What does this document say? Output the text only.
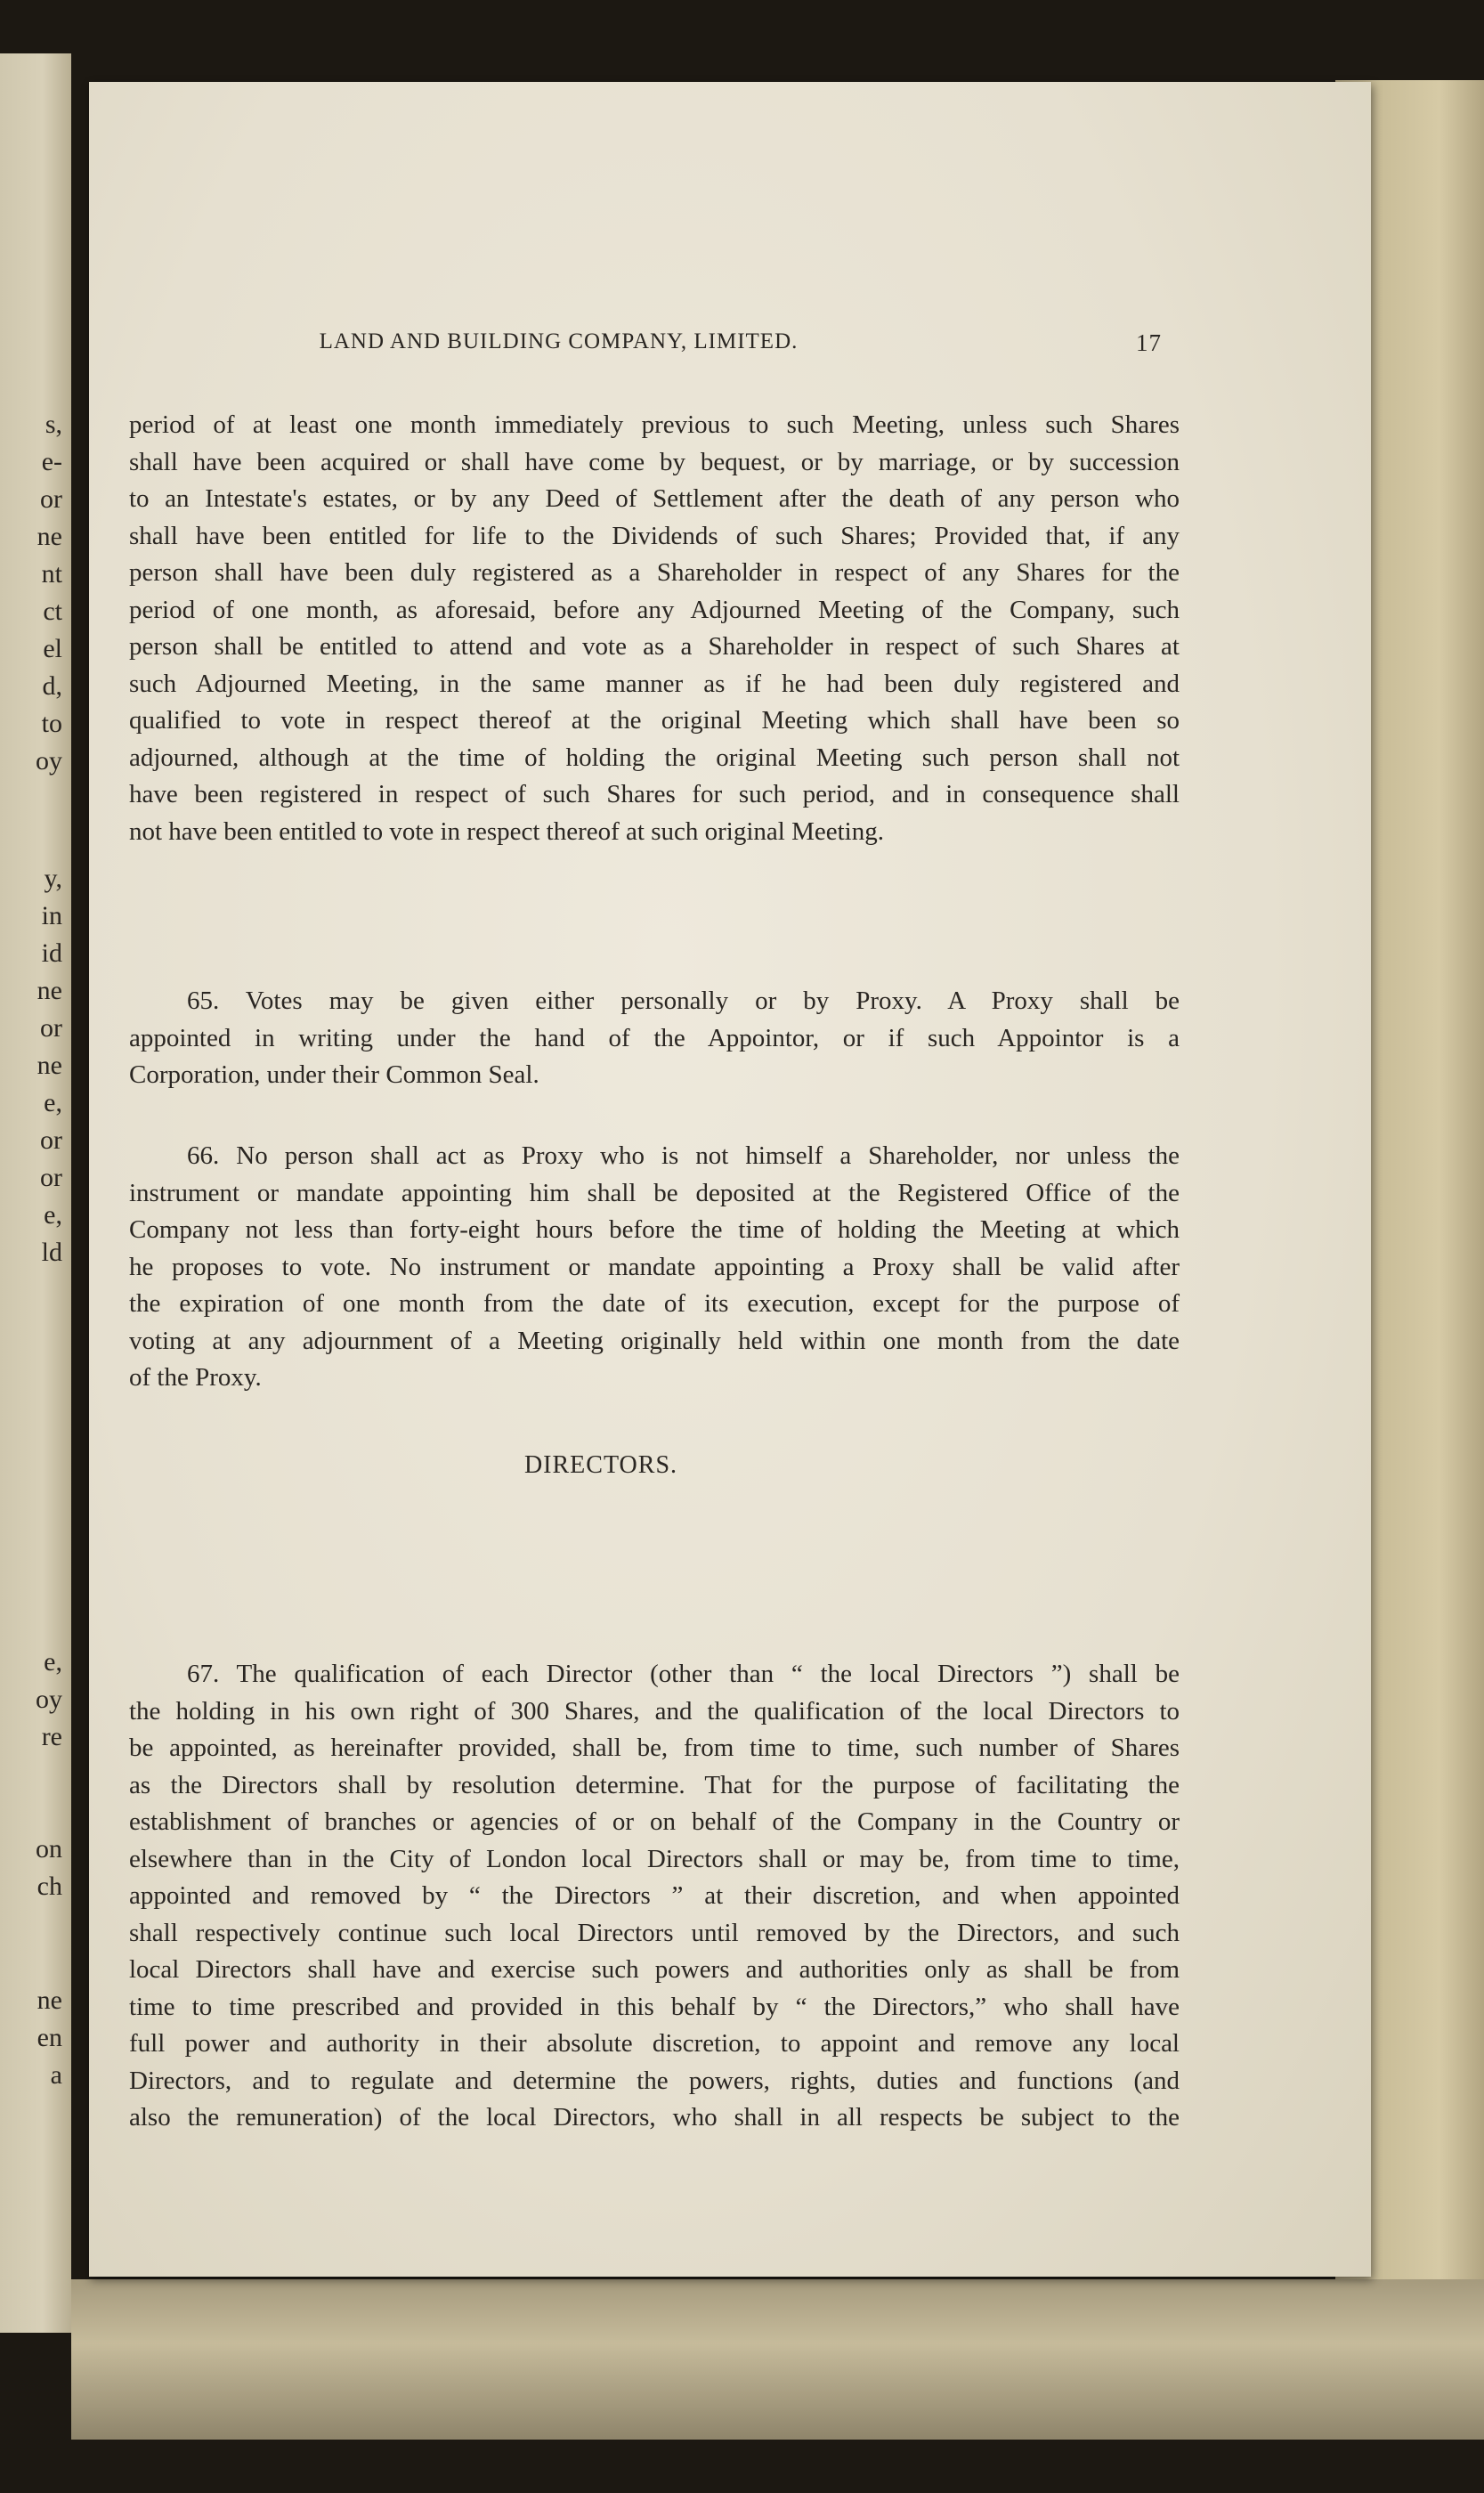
s,
e-
or
ne
nt
ct
el
d,
to
oy
y,
in
id
ne
or
ne
e,
or
or
e,
ld
e,
oy
re
on
ch
ne
en
a
LAND AND BUILDING COMPANY, LIMITED.	17
period of at least one month immediately previous to such Meeting, unless such Shares
shall have been acquired or shall have come by bequest, or by marriage, or by succession
to an Intestate's estates, or by any Deed of Settlement after the death of any person who
shall have been entitled for life to the Dividends of such Shares; Provided that, if any
person shall have been duly registered as a Shareholder in respect of any Shares for the
period of one month, as aforesaid, before any Adjourned Meeting of the Company, such
person shall be entitled to attend and vote as a Shareholder in respect of such Shares at
such Adjourned Meeting, in the same manner as if he had been duly registered and
qualified to vote in respect thereof at the original Meeting which shall have been so
adjourned, although at the time of holding the original Meeting such person shall not
have been registered in respect of such Shares for such period, and in consequence shall
not have been entitled to vote in respect thereof at such original Meeting.
65. Votes may be given either personally or by Proxy. A Proxy shall be
appointed in writing under the hand of the Appointor, or if such Appointor is a
Corporation, under their Common Seal.
66. No person shall act as Proxy who is not himself a Shareholder, nor unless the
instrument or mandate appointing him shall be deposited at the Registered Office of the
Company not less than forty-eight hours before the time of holding the Meeting at which
he proposes to vote. No instrument or mandate appointing a Proxy shall be valid after
the expiration of one month from the date of its execution, except for the purpose of
voting at any adjournment of a Meeting originally held within one month from the date
of the Proxy.
DIRECTORS.
67. The qualification of each Director (other than “ the local Directors ”) shall be
the holding in his own right of 300 Shares, and the qualification of the local Directors to
be appointed, as hereinafter provided, shall be, from time to time, such number of Shares
as the Directors shall by resolution determine. That for the purpose of facilitating the
establishment of branches or agencies of or on behalf of the Company in the Country or
elsewhere than in the City of London local Directors shall or may be, from time to time,
appointed and removed by “ the Directors ” at their discretion, and when appointed
shall respectively continue such local Directors until removed by the Directors, and such
local Directors shall have and exercise such powers and authorities only as shall be from
time to time prescribed and provided in this behalf by “ the Directors,” who shall have
full power and authority in their absolute discretion, to appoint and remove any local
Directors, and to regulate and determine the powers, rights, duties and functions (and
also the remuneration) of the local Directors, who shall in all respects be subject to the
